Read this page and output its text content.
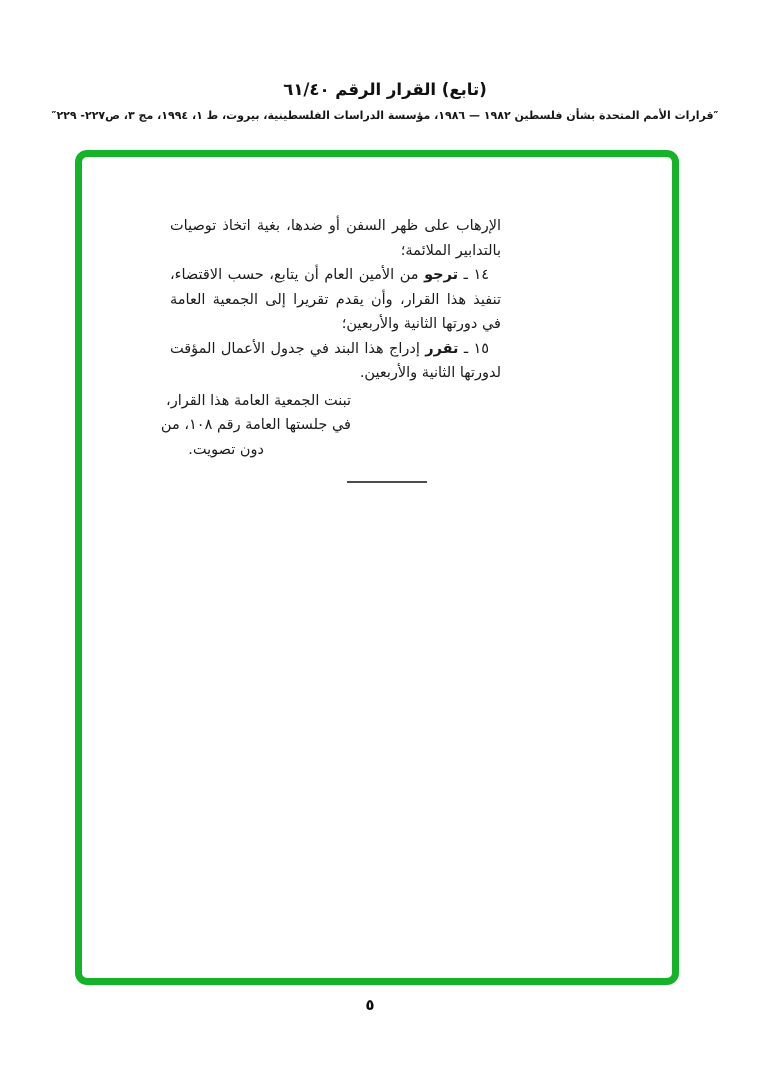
(تابع) القرار الرقم ٦١/٤٠
″قرارات الأمم المتحدة بشأن فلسطين ١٩٨٢ — ١٩٨٦، مؤسسة الدراسات الفلسطينية، بيروت، ط ١، ١٩٩٤، مج ٣، ص٢٢٧- ٢٢٩″

الإرهاب على ظهر السفن أو ضدها، بغية اتخاذ توصيات بالتدابير الملائمة؛

١٤ ـ ترجو من الأمين العام أن يتابع، حسب الاقتضاء، تنفيذ هذا القرار، وأن يقدم تقريرا إلى الجمعية العامة في دورتها الثانية والأربعين؛

١٥ ـ تقرر إدراج هذا البند في جدول الأعمال المؤقت لدورتها الثانية والأربعين.

تبنت الجمعية العامة هذا القرار،
في جلستها العامة رقم ١٠٨، من
دون تصويت.
٥
